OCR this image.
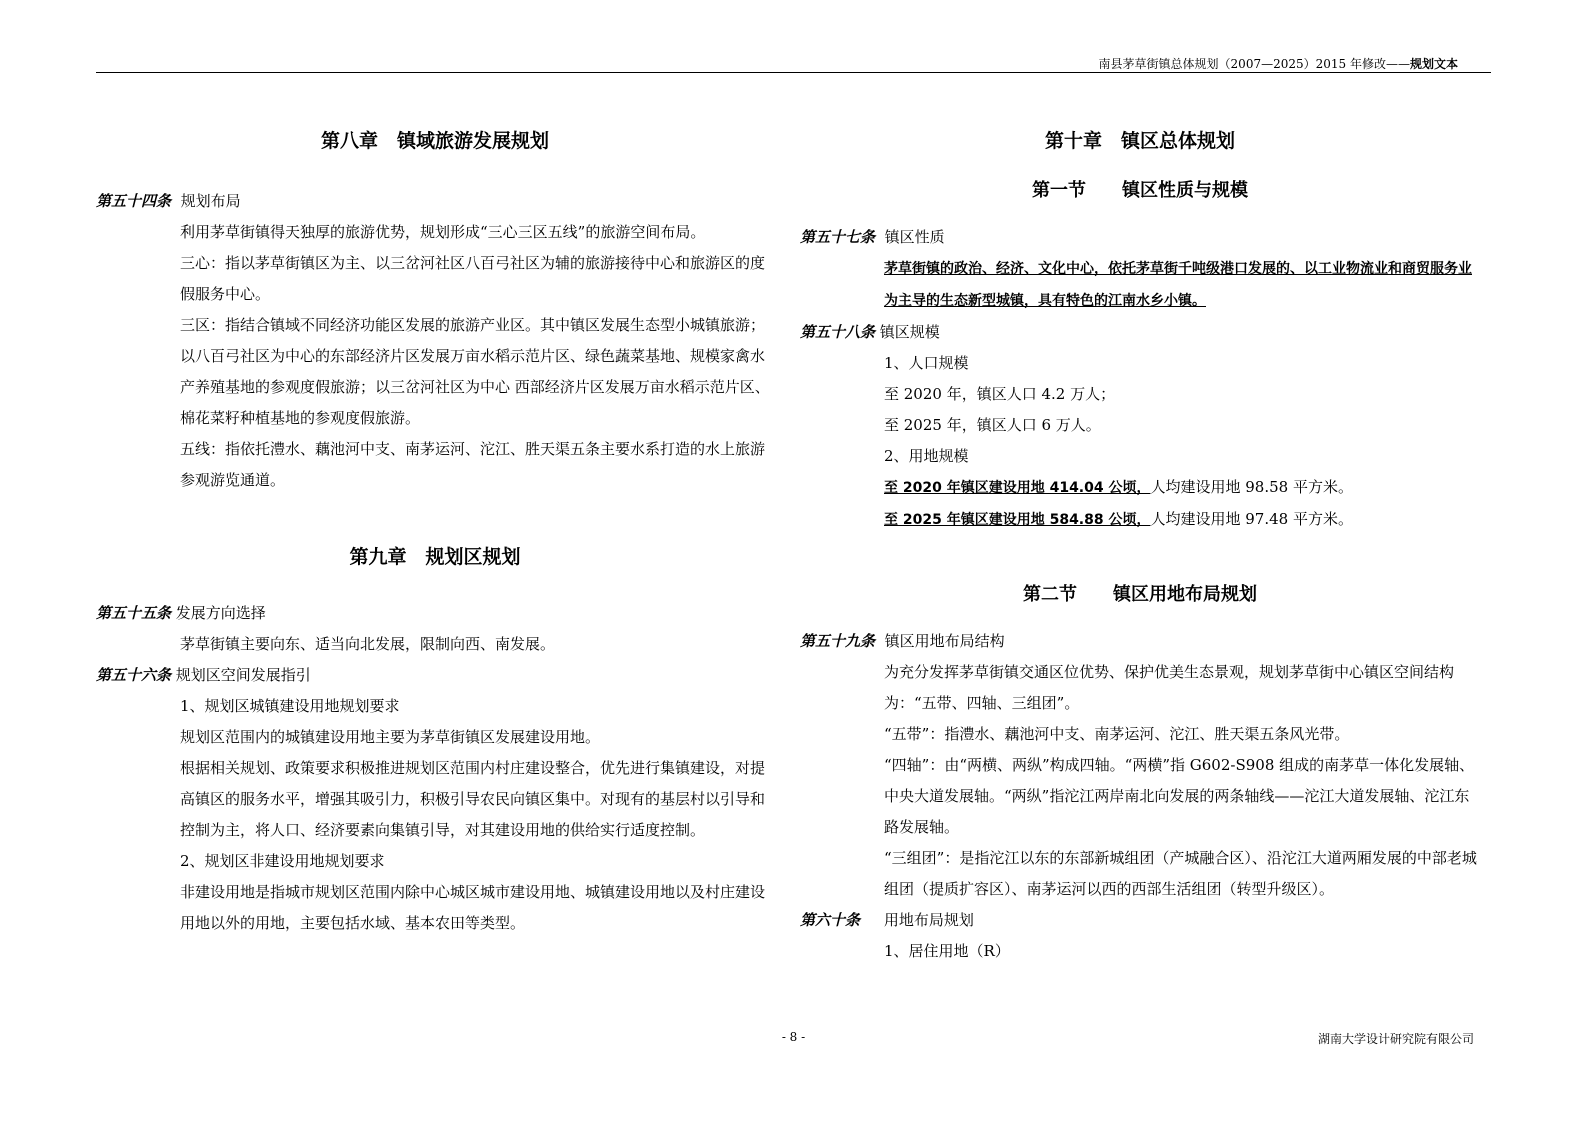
南县茅草街镇总体规划（2007—2025）2015 年修改——规划文本
第八章　镇域旅游发展规划
第五十四条 规划布局

利用茅草街镇得天独厚的旅游优势，规划形成“三心三区五线”的旅游空间布局。

三心：指以茅草街镇区为主、以三岔河社区八百弓社区为辅的旅游接待中心和旅游区的度假服务中心。

三区：指结合镇域不同经济功能区发展的旅游产业区。其中镇区发展生态型小城镇旅游；以八百弓社区为中心的东部经济片区发展万亩水稻示范片区、绿色蔬菜基地、规模家禽水产养殖基地的参观度假旅游；以三岔河社区为中心 西部经济片区发展万亩水稻示范片区、棉花菜籽种植基地的参观度假旅游。

五线：指依托澧水、藕池河中支、南茅运河、沱江、胜天渠五条主要水系打造的水上旅游参观游览通道。

第九章　规划区规划
第五十五条 发展方向选择

茅草街镇主要向东、适当向北发展，限制向西、南发展。

第五十六条 规划区空间发展指引

1、规划区城镇建设用地规划要求

规划区范围内的城镇建设用地主要为茅草街镇区发展建设用地。

根据相关规划、政策要求积极推进规划区范围内村庄建设整合，优先进行集镇建设，对提高镇区的服务水平，增强其吸引力，积极引导农民向镇区集中。对现有的基层村以引导和控制为主，将人口、经济要素向集镇引导，对其建设用地的供给实行适度控制。

2、规划区非建设用地规划要求

非建设用地是指城市规划区范围内除中心城区城市建设用地、城镇建设用地以及村庄建设用地以外的用地，主要包括水域、基本农田等类型。

第十章　镇区总体规划
第一节　　镇区性质与规模
第五十七条 镇区性质

茅草街镇的政治、经济、文化中心，依托茅草街千吨级港口发展的、以工业物流业和商贸服务业为主导的生态新型城镇，具有特色的江南水乡小镇。

第五十八条 镇区规模

1、人口规模

至 2020 年，镇区人口 4.2 万人；

至 2025 年，镇区人口 6 万人。

2、用地规模

至 2020 年镇区建设用地 414.04 公顷，人均建设用地 98.58 平方米。

至 2025 年镇区建设用地 584.88 公顷，人均建设用地 97.48 平方米。

第二节　　镇区用地布局规划
第五十九条 镇区用地布局结构

为充分发挥茅草街镇交通区位优势、保护优美生态景观，规划茅草街中心镇区空间结构为：“五带、四轴、三组团”。

“五带”：指澧水、藕池河中支、南茅运河、沱江、胜天渠五条风光带。

“四轴”：由“两横、两纵”构成四轴。“两横”指 G602-S908 组成的南茅草一体化发展轴、中央大道发展轴。“两纵”指沱江两岸南北向发展的两条轴线——沱江大道发展轴、沱江东路发展轴。

“三组团”：是指沱江以东的东部新城组团（产城融合区）、沿沱江大道两厢发展的中部老城组团（提质扩容区）、南茅运河以西的西部生活组团（转型升级区）。

第六十条 用地布局规划

1、居住用地（R）

- 8 -	湖南大学设计研究院有限公司
